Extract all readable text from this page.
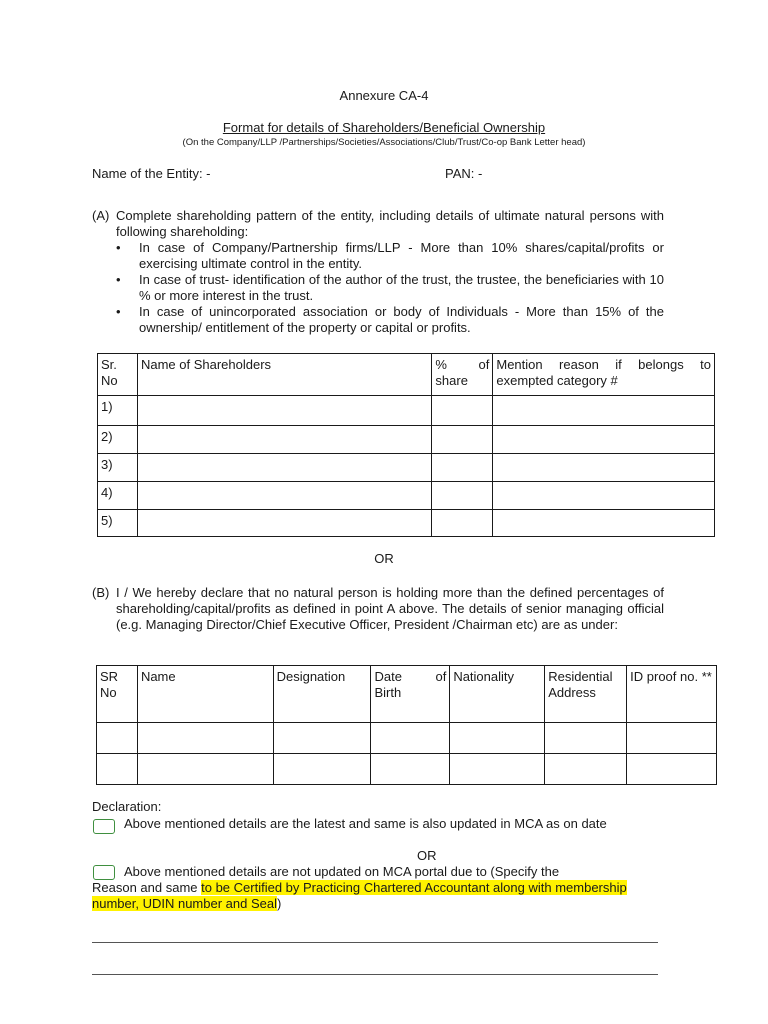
Annexure CA-4
Format for details of Shareholders/Beneficial Ownership
(On the Company/LLP /Partnerships/Societies/Associations/Club/Trust/Co-op Bank Letter head)
Name of the Entity: -	PAN: -
(A) Complete shareholding pattern of the entity, including details of ultimate natural persons with following shareholding:
• In case of Company/Partnership firms/LLP - More than 10% shares/capital/profits or exercising ultimate control in the entity.
• In case of trust- identification of the author of the trust, the trustee, the beneficiaries with 10 % or more interest in the trust.
• In case of unincorporated association or body of Individuals - More than 15% of the ownership/ entitlement of the property or capital or profits.
Sr. No	Name of Shareholders	% of share	Mention reason if belongs to exempted category #
1)			
2)			
3)			
4)			
5)			
OR
(B) I / We hereby declare that no natural person is holding more than the defined percentages of shareholding/capital/profits as defined in point A above. The details of senior managing official (e.g. Managing Director/Chief Executive Officer, President /Chairman etc) are as under:
SR No	Name	Designation	Date of Birth	Nationality	Residential Address	ID proof no. **

Declaration:
Above mentioned details are the latest and same is also updated in MCA as on date
OR
Above mentioned details are not updated on MCA portal due to (Specify the
Reason and same to be Certified by Practicing Chartered Accountant along with membership number, UDIN number and Seal)
